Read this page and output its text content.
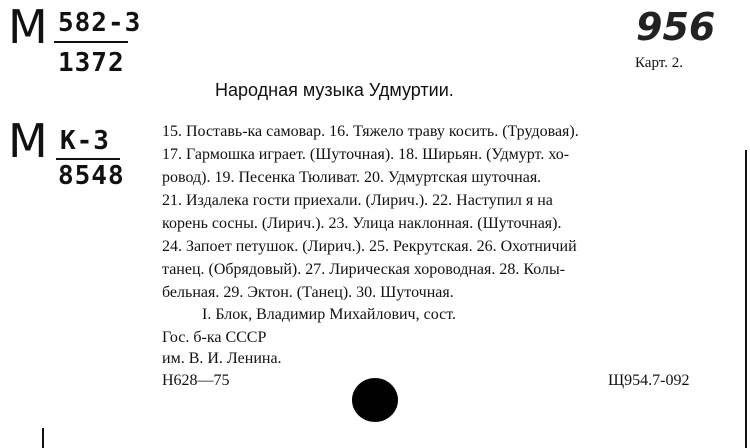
M 582-3
1372
M K-3
8548
956
Карт. 2.
Народная музыка Удмуртии.
15. Поставь-ка самовар. 16. Тяжело траву косить. (Трудовая).
17. Гармошка играет. (Шуточная). 18. Ширьян. (Удмурт. хо-
ровод). 19. Песенка Тюливат. 20. Удмуртская шуточная.
21. Издалека гости приехали. (Лирич.). 22. Наступил я на
корень сосны. (Лирич.). 23. Улица наклонная. (Шуточная).
24. Запоет петушок. (Лирич.). 25. Рекрутская. 26. Охотничий
танец. (Обрядовый). 27. Лирическая хороводная. 28. Колы-
бельная. 29. Эктон. (Танец). 30. Шуточная.
I. Блок, Владимир Михайлович, сост.
Гос. б-ка СССР
им. В. И. Ленина.
Н628—75	Щ954.7-092
